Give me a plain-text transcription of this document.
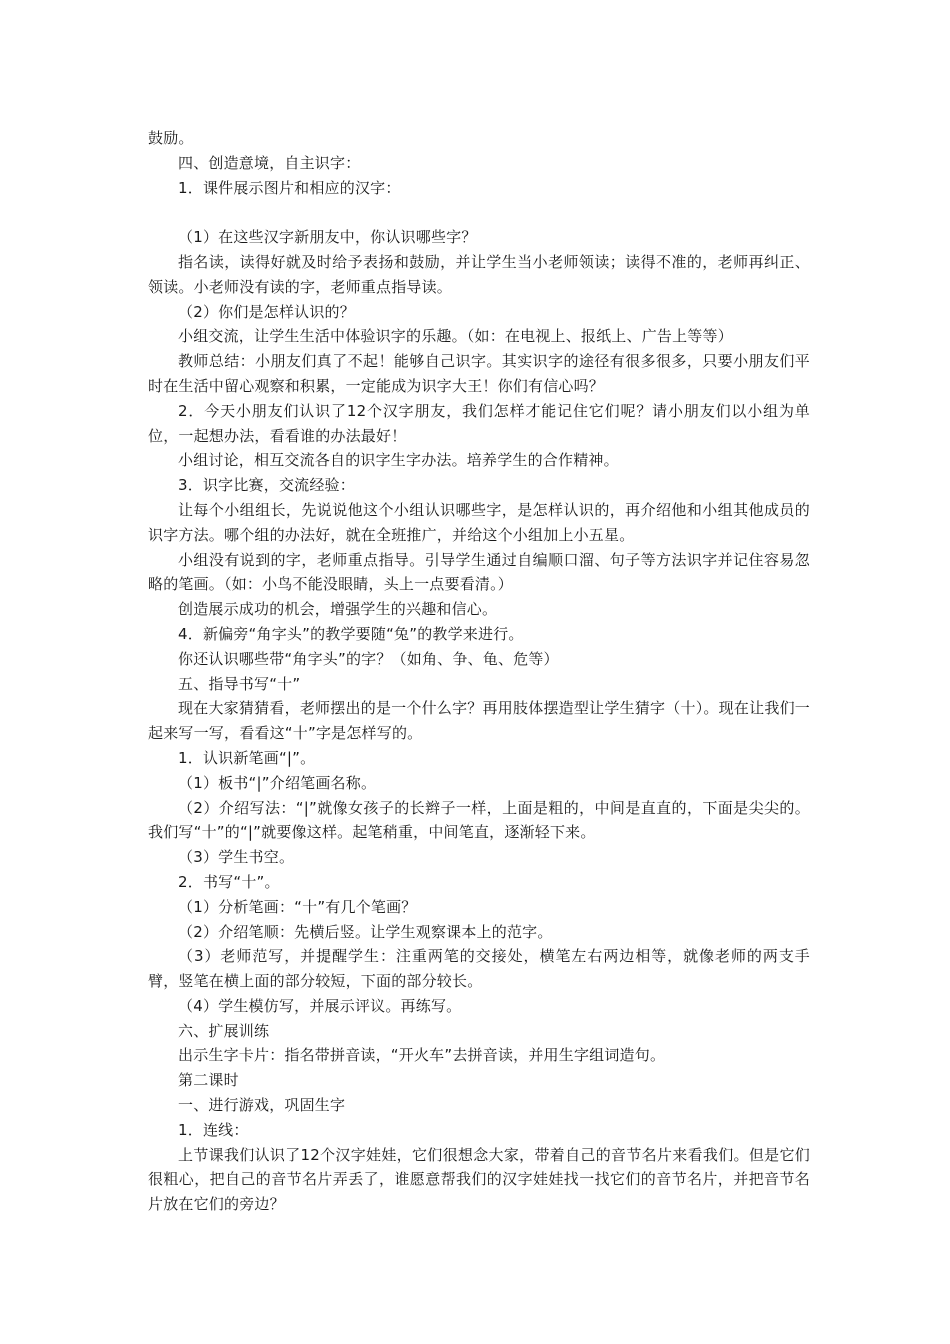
鼓励。

四、创造意境，自主识字：

1．课件展示图片和相应的汉字：

（1）在这些汉字新朋友中，你认识哪些字？

指名读，读得好就及时给予表扬和鼓励，并让学生当小老师领读；读得不准的，老师再纠正、领读。小老师没有读的字，老师重点指导读。

（2）你们是怎样认识的？

小组交流，让学生生活中体验识字的乐趣。（如：在电视上、报纸上、广告上等等）

教师总结：小朋友们真了不起！能够自己识字。其实识字的途径有很多很多，只要小朋友们平时在生活中留心观察和积累，一定能成为识字大王！你们有信心吗？

2．今天小朋友们认识了12个汉字朋友，我们怎样才能记住它们呢？请小朋友们以小组为单位，一起想办法，看看谁的办法最好！

小组讨论，相互交流各自的识字生字办法。培养学生的合作精神。

3．识字比赛，交流经验：

让每个小组组长，先说说他这个小组认识哪些字，是怎样认识的，再介绍他和小组其他成员的识字方法。哪个组的办法好，就在全班推广，并给这个小组加上小五星。

小组没有说到的字，老师重点指导。引导学生通过自编顺口溜、句子等方法识字并记住容易忽略的笔画。（如：小鸟不能没眼睛，头上一点要看清。）

创造展示成功的机会，增强学生的兴趣和信心。

4．新偏旁“角字头”的教学要随“兔”的教学来进行。

你还认识哪些带“角字头”的字？（如角、争、龟、危等）

五、指导书写“十”

现在大家猜猜看，老师摆出的是一个什么字？再用肢体摆造型让学生猜字（十）。现在让我们一起来写一写，看看这“十”字是怎样写的。

1．认识新笔画“|”。

（1）板书“|”介绍笔画名称。

（2）介绍写法：“|”就像女孩子的长辫子一样，上面是粗的，中间是直直的，下面是尖尖的。我们写“十”的“|”就要像这样。起笔稍重，中间笔直，逐渐轻下来。

（3）学生书空。

2．书写“十”。

（1）分析笔画：“十”有几个笔画？

（2）介绍笔顺：先横后竖。让学生观察课本上的范字。

（3）老师范写，并提醒学生：注重两笔的交接处，横笔左右两边相等，就像老师的两支手臂，竖笔在横上面的部分较短，下面的部分较长。

（4）学生模仿写，并展示评议。再练写。

六、扩展训练

出示生字卡片：指名带拼音读，“开火车”去拼音读，并用生字组词造句。

第二课时

一、进行游戏，巩固生字

1．连线：

上节课我们认识了12个汉字娃娃，它们很想念大家，带着自己的音节名片来看我们。但是它们很粗心，把自己的音节名片弄丢了，谁愿意帮我们的汉字娃娃找一找它们的音节名片，并把音节名片放在它们的旁边？
